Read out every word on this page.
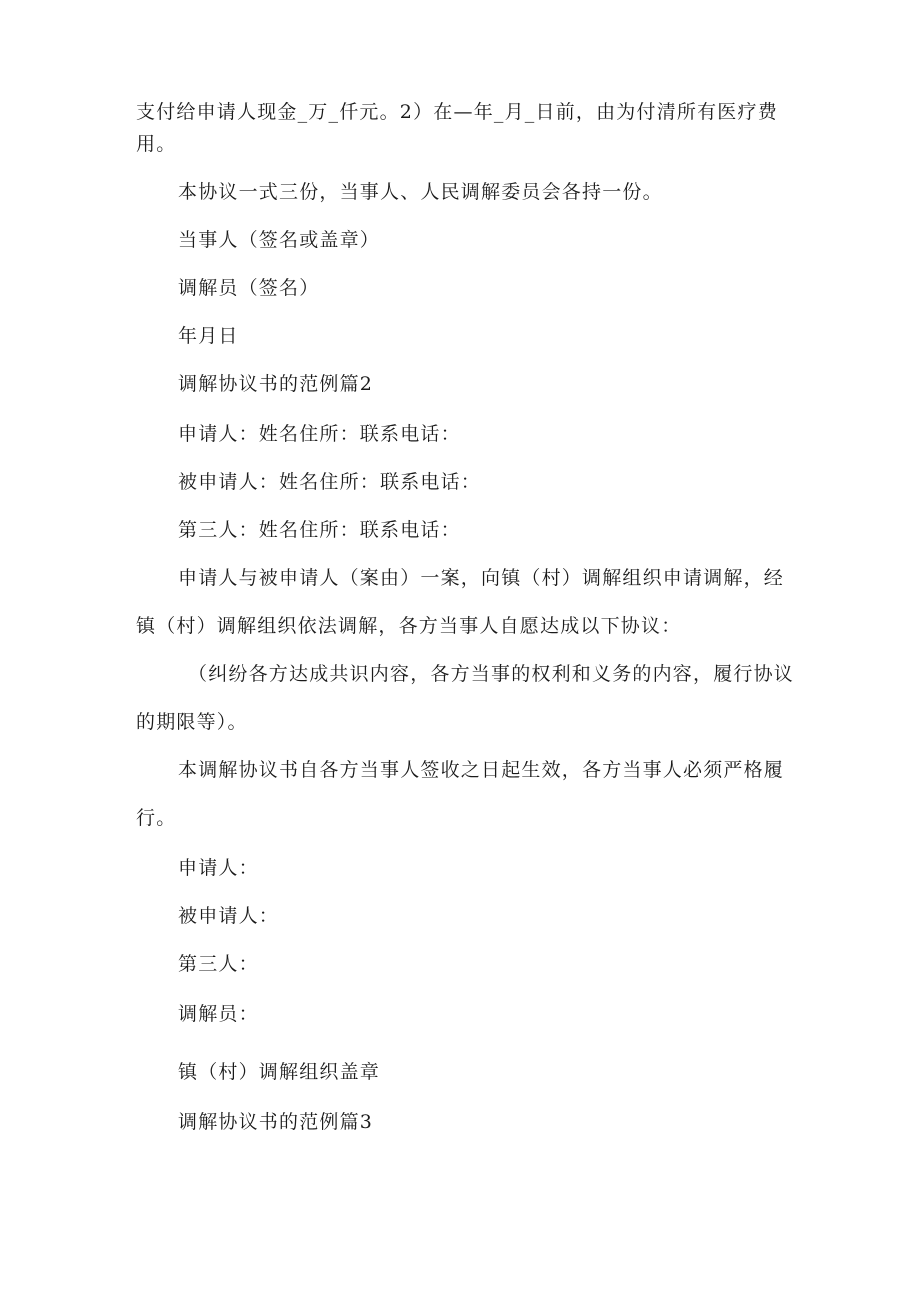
支付给申请人现金_万_仟元。2）在—年_月_日前，由为付清所有医疗费
用。
本协议一式三份，当事人、人民调解委员会各持一份。
当事人（签名或盖章）
调解员（签名）
年月日
调解协议书的范例篇2
申请人：姓名住所：联系电话：
被申请人：姓名住所：联系电话：
第三人：姓名住所：联系电话：
申请人与被申请人（案由）一案，向镇（村）调解组织申请调解，经
镇（村）调解组织依法调解，各方当事人自愿达成以下协议：
（纠纷各方达成共识内容，各方当事的权利和义务的内容，履行协议
的期限等）。
本调解协议书自各方当事人签收之日起生效，各方当事人必须严格履
行。
申请人：
被申请人：
第三人：
调解员：
镇（村）调解组织盖章
调解协议书的范例篇3
